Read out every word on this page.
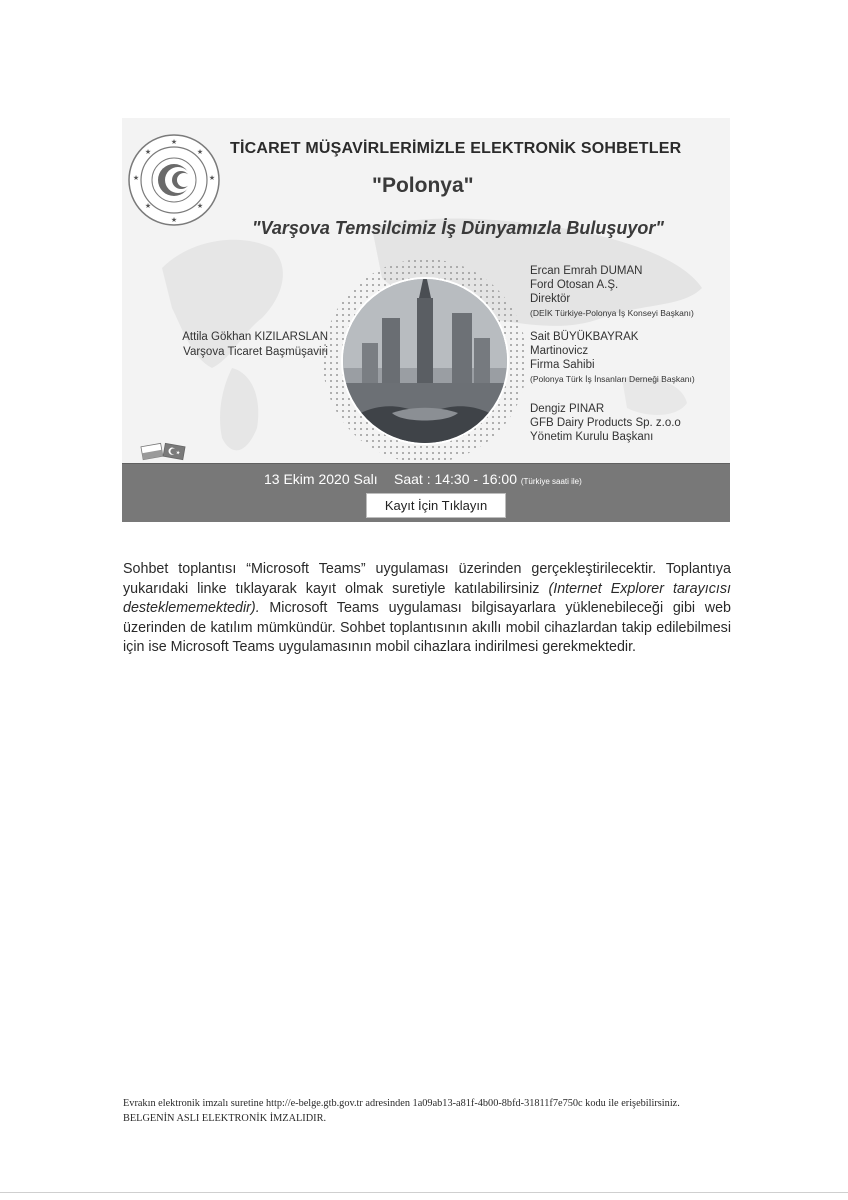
★
★
★
★
★
★
★
★	TİCARET MÜŞAVİRLERİMİZLE ELEKTRONİK SOHBETLER
"Polonya"
"Varşova Temsilcimiz İş Dünyamızla Buluşuyor"
Attila Gökhan KIZILARSLAN
Varşova Ticaret Başmüşaviri
Ercan Emrah DUMAN
Ford Otosan A.Ş.
Direktör
(DEİK Türkiye-Polonya İş Konseyi Başkanı)
Sait BÜYÜKBAYRAK
Martinovicz
Firma Sahibi
(Polonya Türk İş İnsanları Derneği Başkanı)
Dengiz PINAR
GFB Dairy Products Sp. z.o.o
Yönetim Kurulu Başkanı
★
13 Ekim 2020 Salı Saat : 14:30 - 16:00 (Türkiye saati ile)
Kayıt İçin Tıklayın
Sohbet toplantısı “Microsoft Teams” uygulaması üzerinden gerçekleştirilecektir. Toplantıya yukarıdaki linke tıklayarak kayıt olmak suretiyle katılabilirsiniz (Internet Explorer tarayıcısı desteklememektedir). Microsoft Teams uygulaması bilgisayarlara yüklenebileceği gibi web üzerinden de katılım mümkündür. Sohbet toplantısının akıllı mobil cihazlardan takip edilebilmesi için ise Microsoft Teams uygulamasının mobil cihazlara indirilmesi gerekmektedir.
Evrakın elektronik imzalı suretine http://e-belge.gtb.gov.tr adresinden 1a09ab13-a81f-4b00-8bfd-31811f7e750c kodu ile erişebilirsiniz.
BELGENİN ASLI ELEKTRONİK İMZALIDIR.
